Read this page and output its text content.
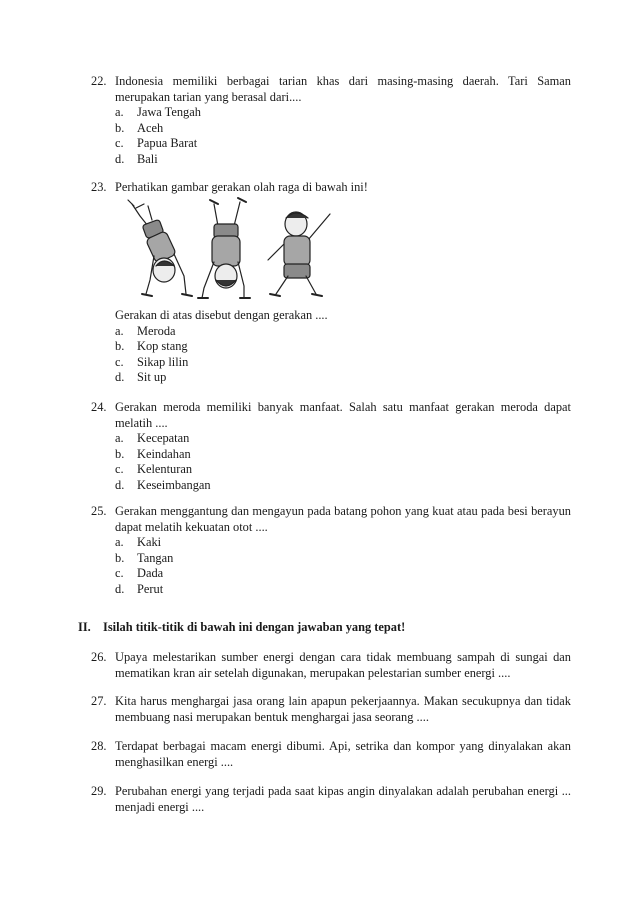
22. Indonesia memiliki berbagai tarian khas dari masing-masing daerah. Tari Saman merupakan tarian yang berasal dari....

a.	Jawa Tengah
b.	Aceh
c.	Papua Barat
d.	Bali

23. Perhatikan gambar gerakan olah raga di bawah ini!

Gerakan di atas disebut dengan gerakan ....

a.	Meroda
b.	Kop stang
c.	Sikap lilin
d.	Sit up

24. Gerakan meroda memiliki banyak manfaat. Salah satu manfaat gerakan meroda dapat melatih ....

a.	Kecepatan
b.	Keindahan
c.	Kelenturan
d.	Keseimbangan

25. Gerakan menggantung dan mengayun pada batang pohon yang kuat atau pada besi berayun dapat melatih kekuatan otot ....

a.	Kaki
b.	Tangan
c.	Dada
d.	Perut
II. Isilah titik-titik di bawah ini dengan jawaban yang tepat!

26. Upaya melestarikan sumber energi dengan cara tidak membuang sampah di sungai dan mematikan kran air setelah digunakan, merupakan pelestarian sumber energi ....

27. Kita harus menghargai jasa orang lain apapun pekerjaannya. Makan secukupnya dan tidak membuang nasi merupakan bentuk menghargai jasa seorang ....

28. Terdapat berbagai macam energi dibumi. Api, setrika dan kompor yang dinyalakan akan menghasilkan energi ....

29. Perubahan energi yang terjadi pada saat kipas angin dinyalakan adalah perubahan energi ... menjadi energi ....
